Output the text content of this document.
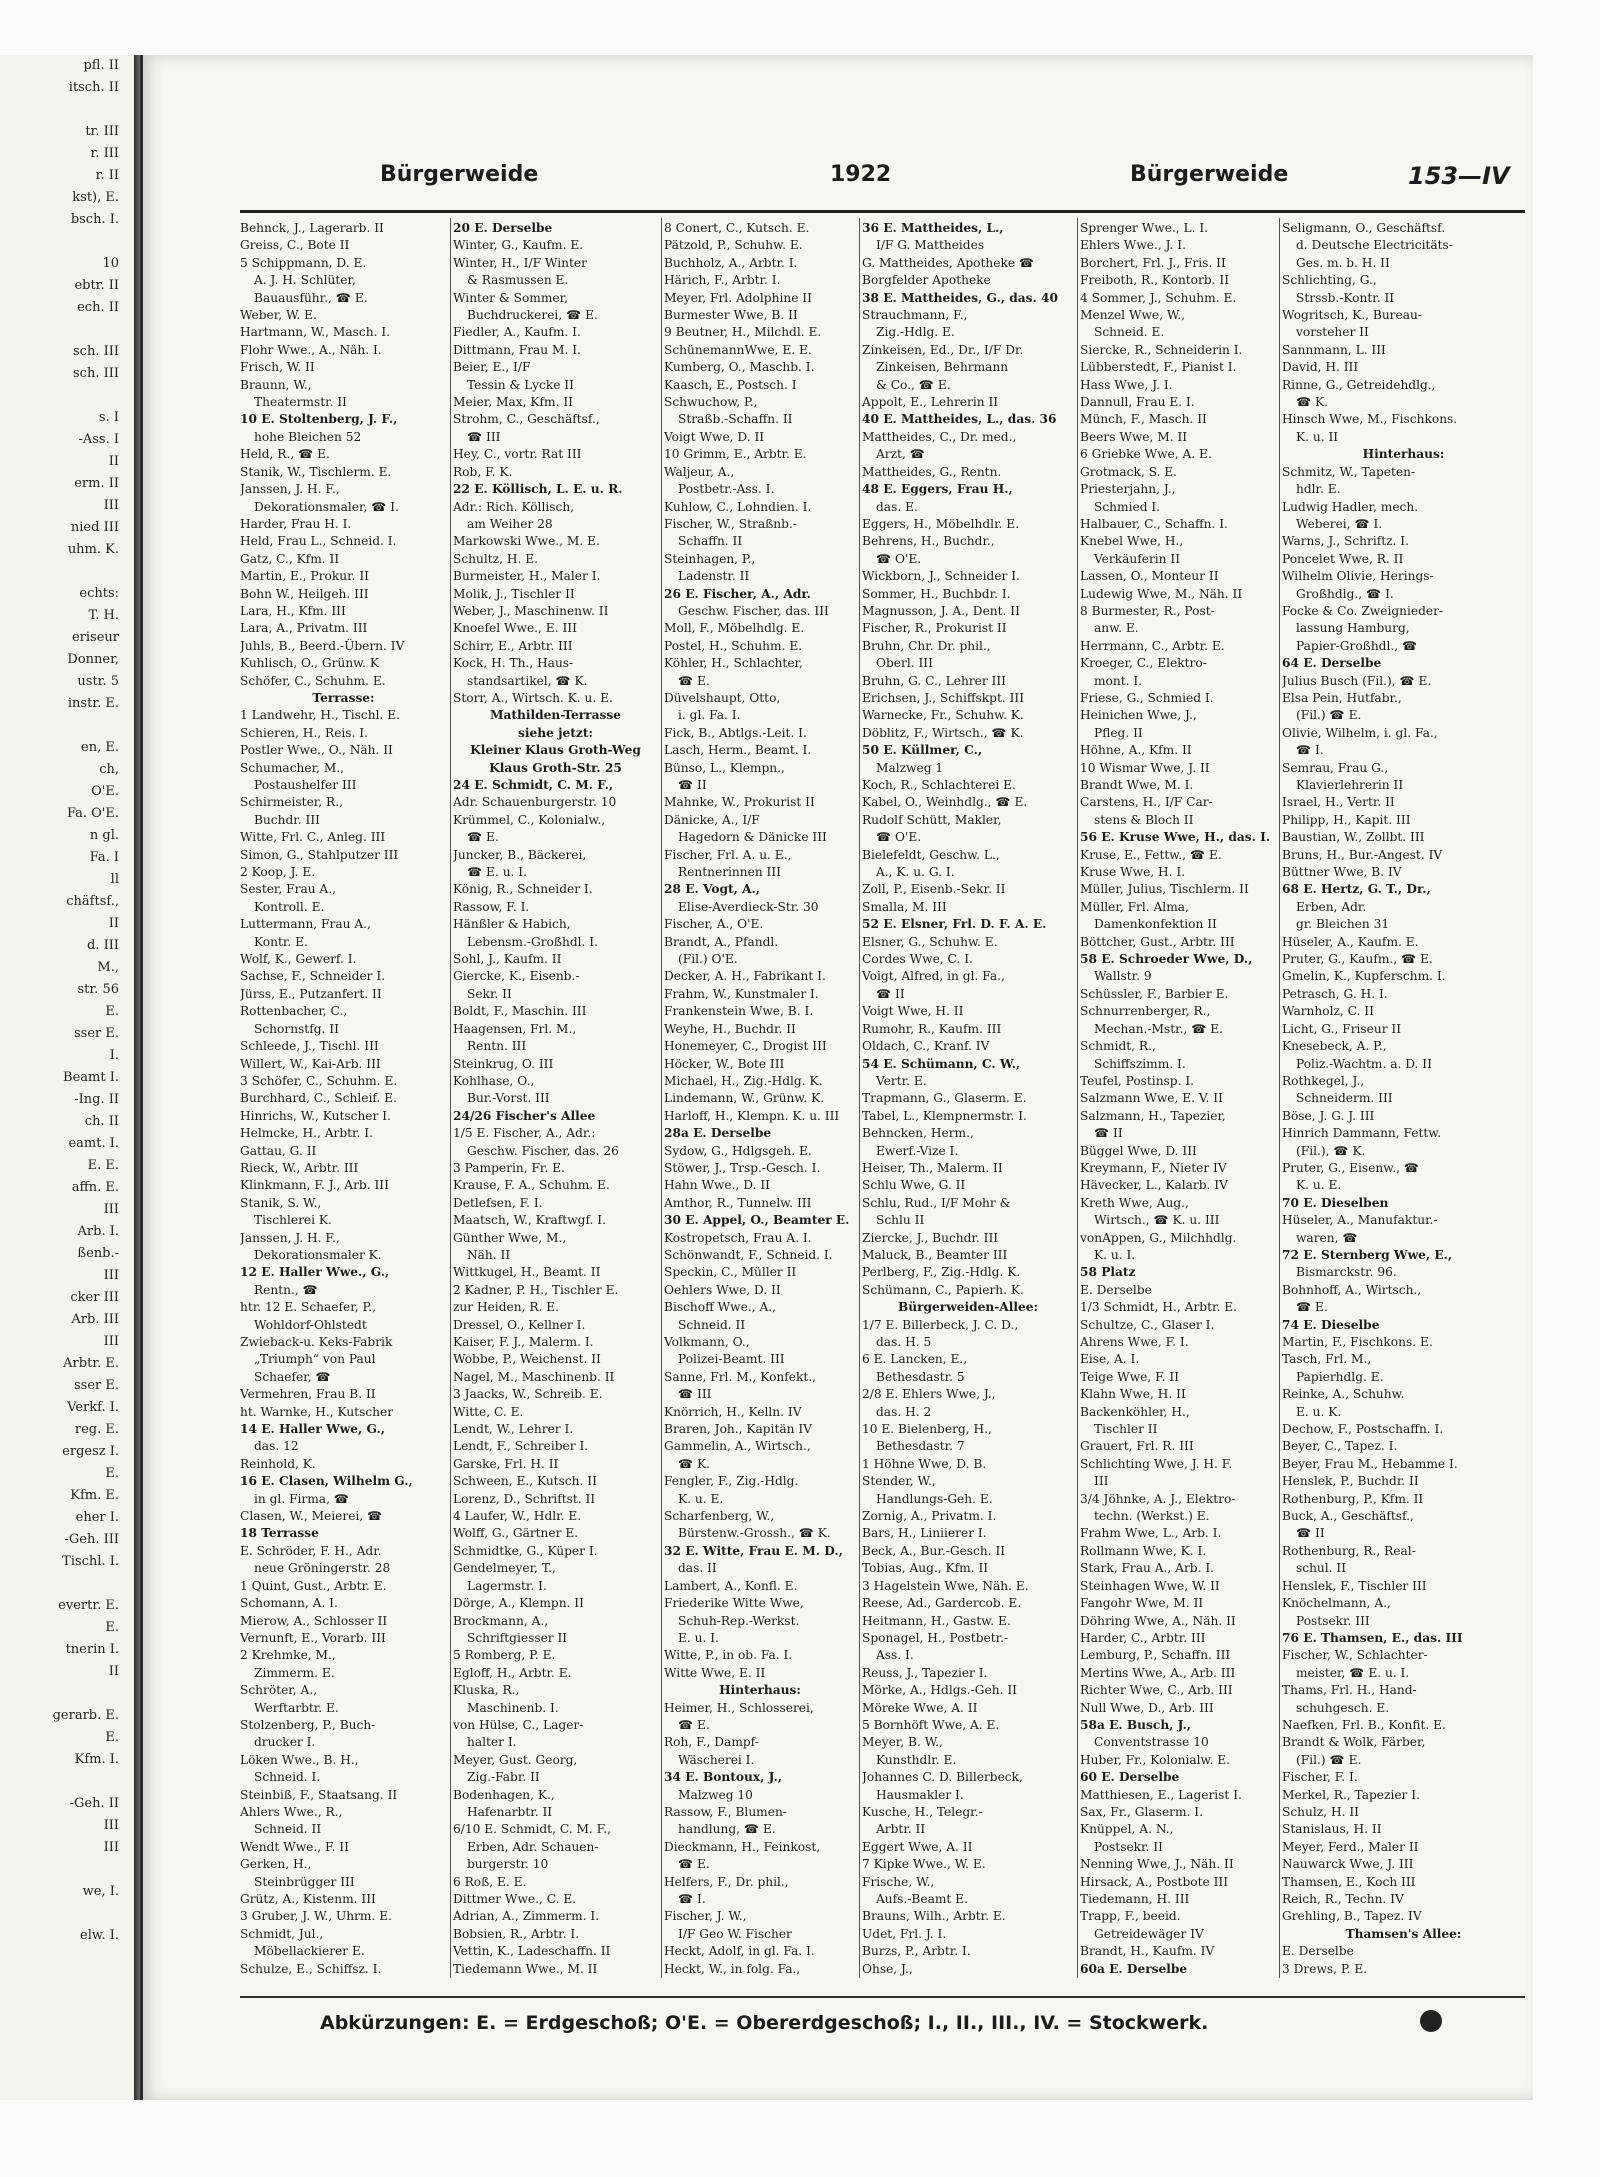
pfl. II
itsch. II

tr. III
r. III
r. II
kst), E.
bsch. I.

10
ebtr. II
ech. II

sch. III
sch. III

s. I
-Ass. I
II
erm. II
III
nied III
uhm. K.

echts:
T. H.
eriseur
Donner,
ustr. 5
instr. E.

en, E.
ch,
O'E.
Fa. O'E.
n gl.
Fa. I
ll
chäftsf.,
II
d. III
M.,
str. 56
E.
sser E.
I.
Beamt I.
-Ing. II
ch. II
eamt. I.
E. E.
affn. E.
III
Arb. I.
ßenb.-
III
cker III
Arb. III
III
Arbtr. E.
sser E.
Verkf. I.
reg. E.
ergesz I.
E.
Kfm. E.
eher I.
-Geh. III
Tischl. I.

evertr. E.
E.
tnerin I.
II

gerarb. E.
E.
Kfm. I.

-Geh. II
III
III

we, I.

elw. I.
Bürgerweide	1922	Bürgerweide	153—IV
Behnck, J., Lagerarb. II
Greiss, C., Bote II
5 Schippmann, D. E.
A. J. H. Schlüter,
Bauausführ., ☎ E.
Weber, W. E.
Hartmann, W., Masch. I.
Flohr Wwe., A., Näh. I.
Frisch, W. II
Braunn, W.,
Theatermstr. II
10 E. Stoltenberg, J. F.,
hohe Bleichen 52
Held, R., ☎ E.
Stanik, W., Tischlerm. E.
Janssen, J. H. F.,
Dekorationsmaler, ☎ I.
Harder, Frau H. I.
Held, Frau L., Schneid. I.
Gatz, C., Kfm. II
Martin, E., Prokur. II
Bohn W., Heilgeh. III
Lara, H., Kfm. III
Lara, A., Privatm. III
Juhls, B., Beerd.-Übern. IV
Kuhlisch, O., Grünw. K
Schöfer, C., Schuhm. E.
Terrasse:
1 Landwehr, H., Tischl. E.
Schieren, H., Reis. I.
Postler Wwe., O., Näh. II
Schumacher, M.,
Postaushelfer III
Schirmeister, R.,
Buchdr. III
Witte, Frl. C., Anleg. III
Simon, G., Stahlputzer III
2 Koop, J. E.
Sester, Frau A.,
Kontroll. E.
Luttermann, Frau A.,
Kontr. E.
Wolf, K., Gewerf. I.
Sachse, F., Schneider I.
Jürss, E., Putzanfert. II
Rottenbacher, C.,
Schornstfg. II
Schleede, J., Tischl. III
Willert, W., Kai-Arb. III
3 Schöfer, C., Schuhm. E.
Burchhard, C., Schleif. E.
Hinrichs, W., Kutscher I.
Helmcke, H., Arbtr. I.
Gattau, G. II
Rieck, W., Arbtr. III
Klinkmann, F. J., Arb. III
Stanik, S. W.,
Tischlerei K.
Janssen, J. H. F.,
Dekorationsmaler K.
12 E. Haller Wwe., G.,
Rentn., ☎
htr. 12 E. Schaefer, P.,
Wohldorf-Ohlstedt
Zwieback-u. Keks-Fabrik
„Triumph“ von Paul
Schaefer, ☎
Vermehren, Frau B. II
ht. Warnke, H., Kutscher
14 E. Haller Wwe, G.,
das. 12
Reinhold, K.
16 E. Clasen, Wilhelm G.,
in gl. Firma, ☎
Clasen, W., Meierei, ☎
18 Terrasse
E. Schröder, F. H., Adr.
neue Gröningerstr. 28
1 Quint, Gust., Arbtr. E.
Schomann, A. I.
Mierow, A., Schlosser II
Vernunft, E., Vorarb. III
2 Krehmke, M.,
Zimmerm. E.
Schröter, A.,
Werftarbtr. E.
Stolzenberg, P., Buch-
drucker I.
Löken Wwe., B. H.,
Schneid. I.
Steinbiß, F., Staatsang. II
Ahlers Wwe., R.,
Schneid. II
Wendt Wwe., F. II
Gerken, H.,
Steinbrügger III
Grütz, A., Kistenm. III
3 Gruber, J. W., Uhrm. E.
Schmidt, Jul.,
Möbellackierer E.
Schulze, E., Schiffsz. I.
20 E. Derselbe
Winter, G., Kaufm. E.
Winter, H., I/F Winter
& Rasmussen E.
Winter & Sommer,
Buchdruckerei, ☎ E.
Fiedler, A., Kaufm. I.
Dittmann, Frau M. I.
Beier, E., I/F
Tessin & Lycke II
Meier, Max, Kfm. II
Strohm, C., Geschäftsf.,
☎ III
Hey, C., vortr. Rat III
Rob, F. K.
22 E. Köllisch, L. E. u. R.
Adr.: Rich. Köllisch,
am Weiher 28
Markowski Wwe., M. E.
Schultz, H. E.
Burmeister, H., Maler I.
Molik, J., Tischler II
Weber, J., Maschinenw. II
Knoefel Wwe., E. III
Schirr, E., Arbtr. III
Kock, H. Th., Haus-
standsartikel, ☎ K.
Storr, A., Wirtsch. K. u. E.
Mathilden-Terrasse
siehe jetzt:
Kleiner Klaus Groth-Weg
Klaus Groth-Str. 25
24 E. Schmidt, C. M. F.,
Adr. Schauenburgerstr. 10
Krümmel, C., Kolonialw.,
☎ E.
Juncker, B., Bäckerei,
☎ E. u. I.
König, R., Schneider I.
Rassow, F. I.
Hänßler & Habich,
Lebensm.-Großhdl. I.
Sohl, J., Kaufm. II
Giercke, K., Eisenb.-
Sekr. II
Boldt, F., Maschin. III
Haagensen, Frl. M.,
Rentn. III
Steinkrug, O. III
Kohlhase, O.,
Bur.-Vorst. III
24/26 Fischer's Allee
1/5 E. Fischer, A., Adr.:
Geschw. Fischer, das. 26
3 Pamperin, Fr. E.
Krause, F. A., Schuhm. E.
Detlefsen, F. I.
Maatsch, W., Kraftwgf. I.
Günther Wwe, M.,
Näh. II
Wittkugel, H., Beamt. II
2 Kadner, P. H., Tischler E.
zur Heiden, R. E.
Dressel, O., Kellner I.
Kaiser, F. J., Malerm. I.
Wobbe, P., Weichenst. II
Nagel, M., Maschinenb. II
3 Jaacks, W., Schreib. E.
Witte, C. E.
Lendt, W., Lehrer I.
Lendt, F., Schreiber I.
Garske, Frl. H. II
Schween, E., Kutsch. II
Lorenz, D., Schriftst. II
4 Laufer, W., Hdlr. E.
Wolff, G., Gärtner E.
Schmidtke, G., Küper I.
Gendelmeyer, T.,
Lagermstr. I.
Dörge, A., Klempn. II
Brockmann, A.,
Schriftgiesser II
5 Romberg, P. E.
Egloff, H., Arbtr. E.
Kluska, R.,
Maschinenb. I.
von Hülse, C., Lager-
halter I.
Meyer, Gust. Georg,
Zig.-Fabr. II
Bodenhagen, K.,
Hafenarbtr. II
6/10 E. Schmidt, C. M. F.,
Erben, Adr. Schauen-
burgerstr. 10
6 Roß, E. E.
Dittmer Wwe., C. E.
Adrian, A., Zimmerm. I.
Bobsien, R., Arbtr. I.
Vettin, K., Ladeschaffn. II
Tiedemann Wwe., M. II
8 Conert, C., Kutsch. E.
Pätzold, P., Schuhw. E.
Buchholz, A., Arbtr. I.
Härich, F., Arbtr. I.
Meyer, Frl. Adolphine II
Burmester Wwe, B. II
9 Beutner, H., Milchdl. E.
SchünemannWwe, E. E.
Kumberg, O., Maschb. I.
Kaasch, E., Postsch. I
Schwuchow, P.,
Straßb.-Schaffn. II
Voigt Wwe, D. II
10 Grimm, E., Arbtr. E.
Walјeur, A.,
Postbetr.-Ass. I.
Kuhlow, C., Lohndien. I.
Fischer, W., Straßnb.-
Schaffn. II
Steinhagen, P.,
Ladenstr. II
26 E. Fischer, A., Adr.
Geschw. Fischer, das. III
Moll, F., Möbelhdlg. E.
Postel, H., Schuhm. E.
Köhler, H., Schlachter,
☎ E.
Düvelshaupt, Otto,
i. gl. Fa. I.
Fick, B., Abtlgs.-Leit. I.
Lasch, Herm., Beamt. I.
Bünso, L., Klempn.,
☎ II
Mahnke, W., Prokurist II
Dänicke, A., I/F
Hagedorn & Dänicke III
Fischer, Frl. A. u. E.,
Rentnerinnen III
28 E. Vogt, A.,
Elise-Averdieck-Str. 30
Fischer, A., O'E.
Brandt, A., Pfandl.
(Fil.) O'E.
Decker, A. H., Fabrikant I.
Frahm, W., Kunstmaler I.
Frankenstein Wwe, B. I.
Weyhe, H., Buchdr. II
Honemeyer, C., Drogist III
Höcker, W., Bote III
Michael, H., Zig.-Hdlg. K.
Lindemann, W., Grünw. K.
Harloff, H., Klempn. K. u. III
28a E. Derselbe
Sydow, G., Hdlgsgeh. E.
Stöwer, J., Trsp.-Gesch. I.
Hahn Wwe., D. II
Amthor, R., Tunnelw. III
30 E. Appel, O., Beamter E.
Kostropetsch, Frau A. I.
Schönwandt, F., Schneid. I.
Speckin, C., Müller II
Oehlers Wwe, D. II
Bischoff Wwe., A.,
Schneid. II
Volkmann, O.,
Polizei-Beamt. III
Sanne, Frl. M., Konfekt.,
☎ III
Knörrich, H., Kelln. IV
Braren, Joh., Kapitän IV
Gammelin, A., Wirtsch.,
☎ K.
Fengler, F., Zig.-Hdlg.
K. u. E.
Scharfenberg, W.,
Bürstenw.-Grossh., ☎ K.
32 E. Witte, Frau E. M. D.,
das. II
Lambert, A., Konfl. E.
Friederike Witte Wwe,
Schuh-Rep.-Werkst.
E. u. I.
Witte, P., in ob. Fa. I.
Witte Wwe, E. II
Hinterhaus:
Heimer, H., Schlosserei,
☎ E.
Roh, F., Dampf-
Wäscherei I.
34 E. Bontoux, J.,
Malzweg 10
Rassow, F., Blumen-
handlung, ☎ E.
Dieckmann, H., Feinkost,
☎ E.
Helfers, F., Dr. phil.,
☎ I.
Fischer, J. W.,
I/F Geo W. Fischer
Heckt, Adolf, in gl. Fa. I.
Heckt, W., in folg. Fa.,
36 E. Mattheides, L.,
I/F G. Mattheides
G. Mattheides, Apotheke ☎
Borgfelder Apotheke
38 E. Mattheides, G., das. 40
Strauchmann, F.,
Zig.-Hdlg. E.
Zinkeisen, Ed., Dr., I/F Dr.
Zinkeisen, Behrmann
& Co., ☎ E.
Appolt, E., Lehrerin II
40 E. Mattheides, L., das. 36
Mattheides, C., Dr. med.,
Arzt, ☎
Mattheides, G., Rentn.
48 E. Eggers, Frau H.,
das. E.
Eggers, H., Möbelhdlr. E.
Behrens, H., Buchdr.,
☎ O'E.
Wickborn, J., Schneider I.
Sommer, H., Buchbdr. I.
Magnusson, J. A., Dent. II
Fischer, R., Prokurist II
Bruhn, Chr. Dr. phil.,
Oberl. III
Bruhn, G. C., Lehrer III
Erichsen, J., Schiffskpt. III
Warnecke, Fr., Schuhw. K.
Döblitz, F., Wirtsch., ☎ K.
50 E. Küllmer, C.,
Malzweg 1
Koch, R., Schlachterei E.
Kabel, O., Weinhdlg., ☎ E.
Rudolf Schütt, Makler,
☎ O'E.
Bielefeldt, Geschw. L.,
A., K. u. G. I.
Zoll, P., Eisenb.-Sekr. II
Smalla, M. III
52 E. Elsner, Frl. D. F. A. E.
Elsner, G., Schuhw. E.
Cordes Wwe, C. I.
Voigt, Alfred, in gl. Fa.,
☎ II
Voigt Wwe, H. II
Rumohr, R., Kaufm. III
Oldach, C., Kranf. IV
54 E. Schümann, C. W.,
Vertr. E.
Trapmann, G., Glaserm. E.
Tabel, L., Klempnermstr. I.
Behncken, Herm.,
Ewerf.-Vize I.
Heiser, Th., Malerm. II
Schlu Wwe, G. II
Schlu, Rud., I/F Mohr &
Schlu II
Ziercke, J., Buchdr. III
Maluck, B., Beamter III
Perlberg, F., Zig.-Hdlg. K.
Schümann, C., Papierh. K.
Bürgerweiden-Allee:
1/7 E. Billerbeck, J. C. D.,
das. H. 5
6 E. Lancken, E.,
Bethesdastr. 5
2/8 E. Ehlers Wwe, J.,
das. H. 2
10 E. Bielenberg, H.,
Bethesdastr. 7
1 Höhne Wwe, D. B.
Stender, W.,
Handlungs-Geh. E.
Zornig, A., Privatm. I.
Bars, H., Liniierer I.
Beck, A., Bur.-Gesch. II
Tobias, Aug., Kfm. II
3 Hagelstein Wwe, Näh. E.
Reese, Ad., Gardercob. E.
Heitmann, H., Gastw. E.
Sponagel, H., Postbetr.-
Ass. I.
Reuss, J., Tapezier I.
Mörke, A., Hdlgs.-Geh. II
Möreke Wwe, A. II
5 Bornhöft Wwe, A. E.
Meyer, B. W.,
Kunsthdlr. E.
Johannes C. D. Billerbeck,
Hausmakler I.
Kusche, H., Telegr.-
Arbtr. II
Eggert Wwe, A. II
7 Kipke Wwe., W. E.
Frische, W.,
Aufs.-Beamt E.
Brauns, Wilh., Arbtr. E.
Udet, Frl. J. I.
Burzs, P., Arbtr. I.
Ohse, J.,
Sprenger Wwe., L. I.
Ehlers Wwe., J. I.
Borchert, Frl. J., Fris. II
Freiboth, R., Kontorb. II
4 Sommer, J., Schuhm. E.
Menzel Wwe, W.,
Schneid. E.
Siercke, R., Schneiderin I.
Lübberstedt, F., Pianist I.
Hass Wwe, J. I.
Dannull, Frau E. I.
Münch, F., Masch. II
Beers Wwe, M. II
6 Griebke Wwe, A. E.
Grotmack, S. E.
Priesterjahn, J.,
Schmied I.
Halbauer, C., Schaffn. I.
Knebel Wwe, H.,
Verkäuferin II
Lassen, O., Monteur II
Ludewig Wwe, M., Näh. II
8 Burmester, R., Post-
anw. E.
Herrmann, C., Arbtr. E.
Kroeger, C., Elektro-
mont. I.
Friese, G., Schmied I.
Heinichen Wwe, J.,
Pfleg. II
Höhne, A., Kfm. II
10 Wismar Wwe, J. II
Brandt Wwe, M. I.
Carstens, H., I/F Car-
stens & Bloch II
56 E. Kruse Wwe, H., das. I.
Kruse, E., Fettw., ☎ E.
Kruse Wwe, H. I.
Müller, Julius, Tischlerm. II
Müller, Frl. Alma,
Damenkonfektion II
Böttcher, Gust., Arbtr. III
58 E. Schroeder Wwe, D.,
Wallstr. 9
Schüssler, F., Barbier E.
Schnurrenberger, R.,
Mechan.-Mstr., ☎ E.
Schmidt, R.,
Schiffszimm. I.
Teufel, Postinsp. I.
Salzmann Wwe, E. V. II
Salzmann, H., Tapezier,
☎ II
Büggel Wwe, D. III
Kreymann, F., Nieter IV
Hävecker, L., Kalarb. IV
Kreth Wwe, Aug.,
Wirtsch., ☎ K. u. III
vonAppen, G., Milchhdlg.
K. u. I.
58 Platz
E. Derselbe
1/3 Schmidt, H., Arbtr. E.
Schultze, C., Glaser I.
Ahrens Wwe, F. I.
Eise, A. I.
Teige Wwe, F. II
Klahn Wwe, H. II
Backenköhler, H.,
Tischler II
Grauert, Frl. R. III
Schlichting Wwe, J. H. F.
III
3/4 Jöhnke, A. J., Elektro-
techn. (Werkst.) E.
Frahm Wwe, L., Arb. I.
Rollmann Wwe, K. I.
Stark, Frau A., Arb. I.
Steinhagen Wwe, W. II
Fangohr Wwe, M. II
Döhring Wwe, A., Näh. II
Harder, C., Arbtr. III
Lemburg, P., Schaffn. III
Mertins Wwe, A., Arb. III
Richter Wwe, C., Arb. III
Null Wwe, D., Arb. III
58a E. Busch, J.,
Conventstrasse 10
Huber, Fr., Kolonialw. E.
60 E. Derselbe
Matthiesen, E., Lagerist I.
Sax, Fr., Glaserm. I.
Knüppel, A. N.,
Postsekr. II
Nenning Wwe, J., Näh. II
Hirsack, A., Postbote III
Tiedemann, H. III
Trapp, F., beeid.
Getreidewäger IV
Brandt, H., Kaufm. IV
60a E. Derselbe
Seligmann, O., Geschäftsf.
d. Deutsche Electricitäts-
Ges. m. b. H. II
Schlichting, G.,
Strssb.-Kontr. II
Wogritsch, K., Bureau-
vorsteher II
Sannmann, L. III
David, H. III
Rinne, G., Getreidehdlg.,
☎ K.
Hinsch Wwe, M., Fischkons.
K. u. II
Hinterhaus:
Schmitz, W., Tapeten-
hdlr. E.
Ludwig Hadler, mech.
Weberei, ☎ I.
Warns, J., Schriftz. I.
Poncelet Wwe, R. II
Wilhelm Olivie, Herings-
Großhdlg., ☎ I.
Focke & Co. Zweignieder-
lassung Hamburg,
Papier-Großhdl., ☎
64 E. Derselbe
Julius Busch (Fil.), ☎ E.
Elsa Pein, Hutfabr.,
(Fil.) ☎ E.
Olivie, Wilhelm, i. gl. Fa.,
☎ I.
Semrau, Frau G.,
Klavierlehrerin II
Israel, H., Vertr. II
Philipp, H., Kapit. III
Baustian, W., Zollbt. III
Bruns, H., Bur.-Angest. IV
Büttner Wwe, B. IV
68 E. Hertz, G. T., Dr.,
Erben, Adr.
gr. Bleichen 31
Hüseler, A., Kaufm. E.
Pruter, G., Kaufm., ☎ E.
Gmelin, K., Kupferschm. I.
Petrasch, G. H. I.
Warnholz, C. II
Licht, G., Friseur II
Knesebeck, A. P.,
Poliz.-Wachtm. a. D. II
Rothkegel, J.,
Schneiderm. III
Böse, J. G. J. III
Hinrich Dammann, Fettw.
(Fil.), ☎ K.
Pruter, G., Eisenw., ☎
K. u. E.
70 E. Dieselben
Hüseler, A., Manufaktur.-
waren, ☎
72 E. Sternberg Wwe, E.,
Bismarckstr. 96.
Bohnhoff, A., Wirtsch.,
☎ E.
74 E. Dieselbe
Martin, F., Fischkons. E.
Tasch, Frl. M.,
Papierhdlg. E.
Reinke, A., Schuhw.
E. u. K.
Dechow, F., Postschaffn. I.
Beyer, C., Tapez. I.
Beyer, Frau M., Hebamme I.
Henslek, P., Buchdr. II
Rothenburg, P., Kfm. II
Buck, A., Geschäftsf.,
☎ II
Rothenburg, R., Real-
schul. II
Henslek, F., Tischler III
Knöchelmann, A.,
Postsekr. III
76 E. Thamsen, E., das. III
Fischer, W., Schlachter-
meister, ☎ E. u. I.
Thams, Frl. H., Hand-
schuhgesch. E.
Naefken, Frl. B., Konfit. E.
Brandt & Wolk, Färber,
(Fil.) ☎ E.
Fischer, F. I.
Merkel, R., Tapezier I.
Schulz, H. II
Stanislaus, H. II
Meyer, Ferd., Maler II
Nauwarck Wwe, J. III
Thamsen, E., Koch III
Reich, R., Techn. IV
Grehling, B., Tapez. IV
Thamsen's Allee:
E. Derselbe
3 Drews, P. E.
Abkürzungen: E. = Erdgeschoß; O'E. = Obererdgeschoß; I., II., III., IV. = Stockwerk.
